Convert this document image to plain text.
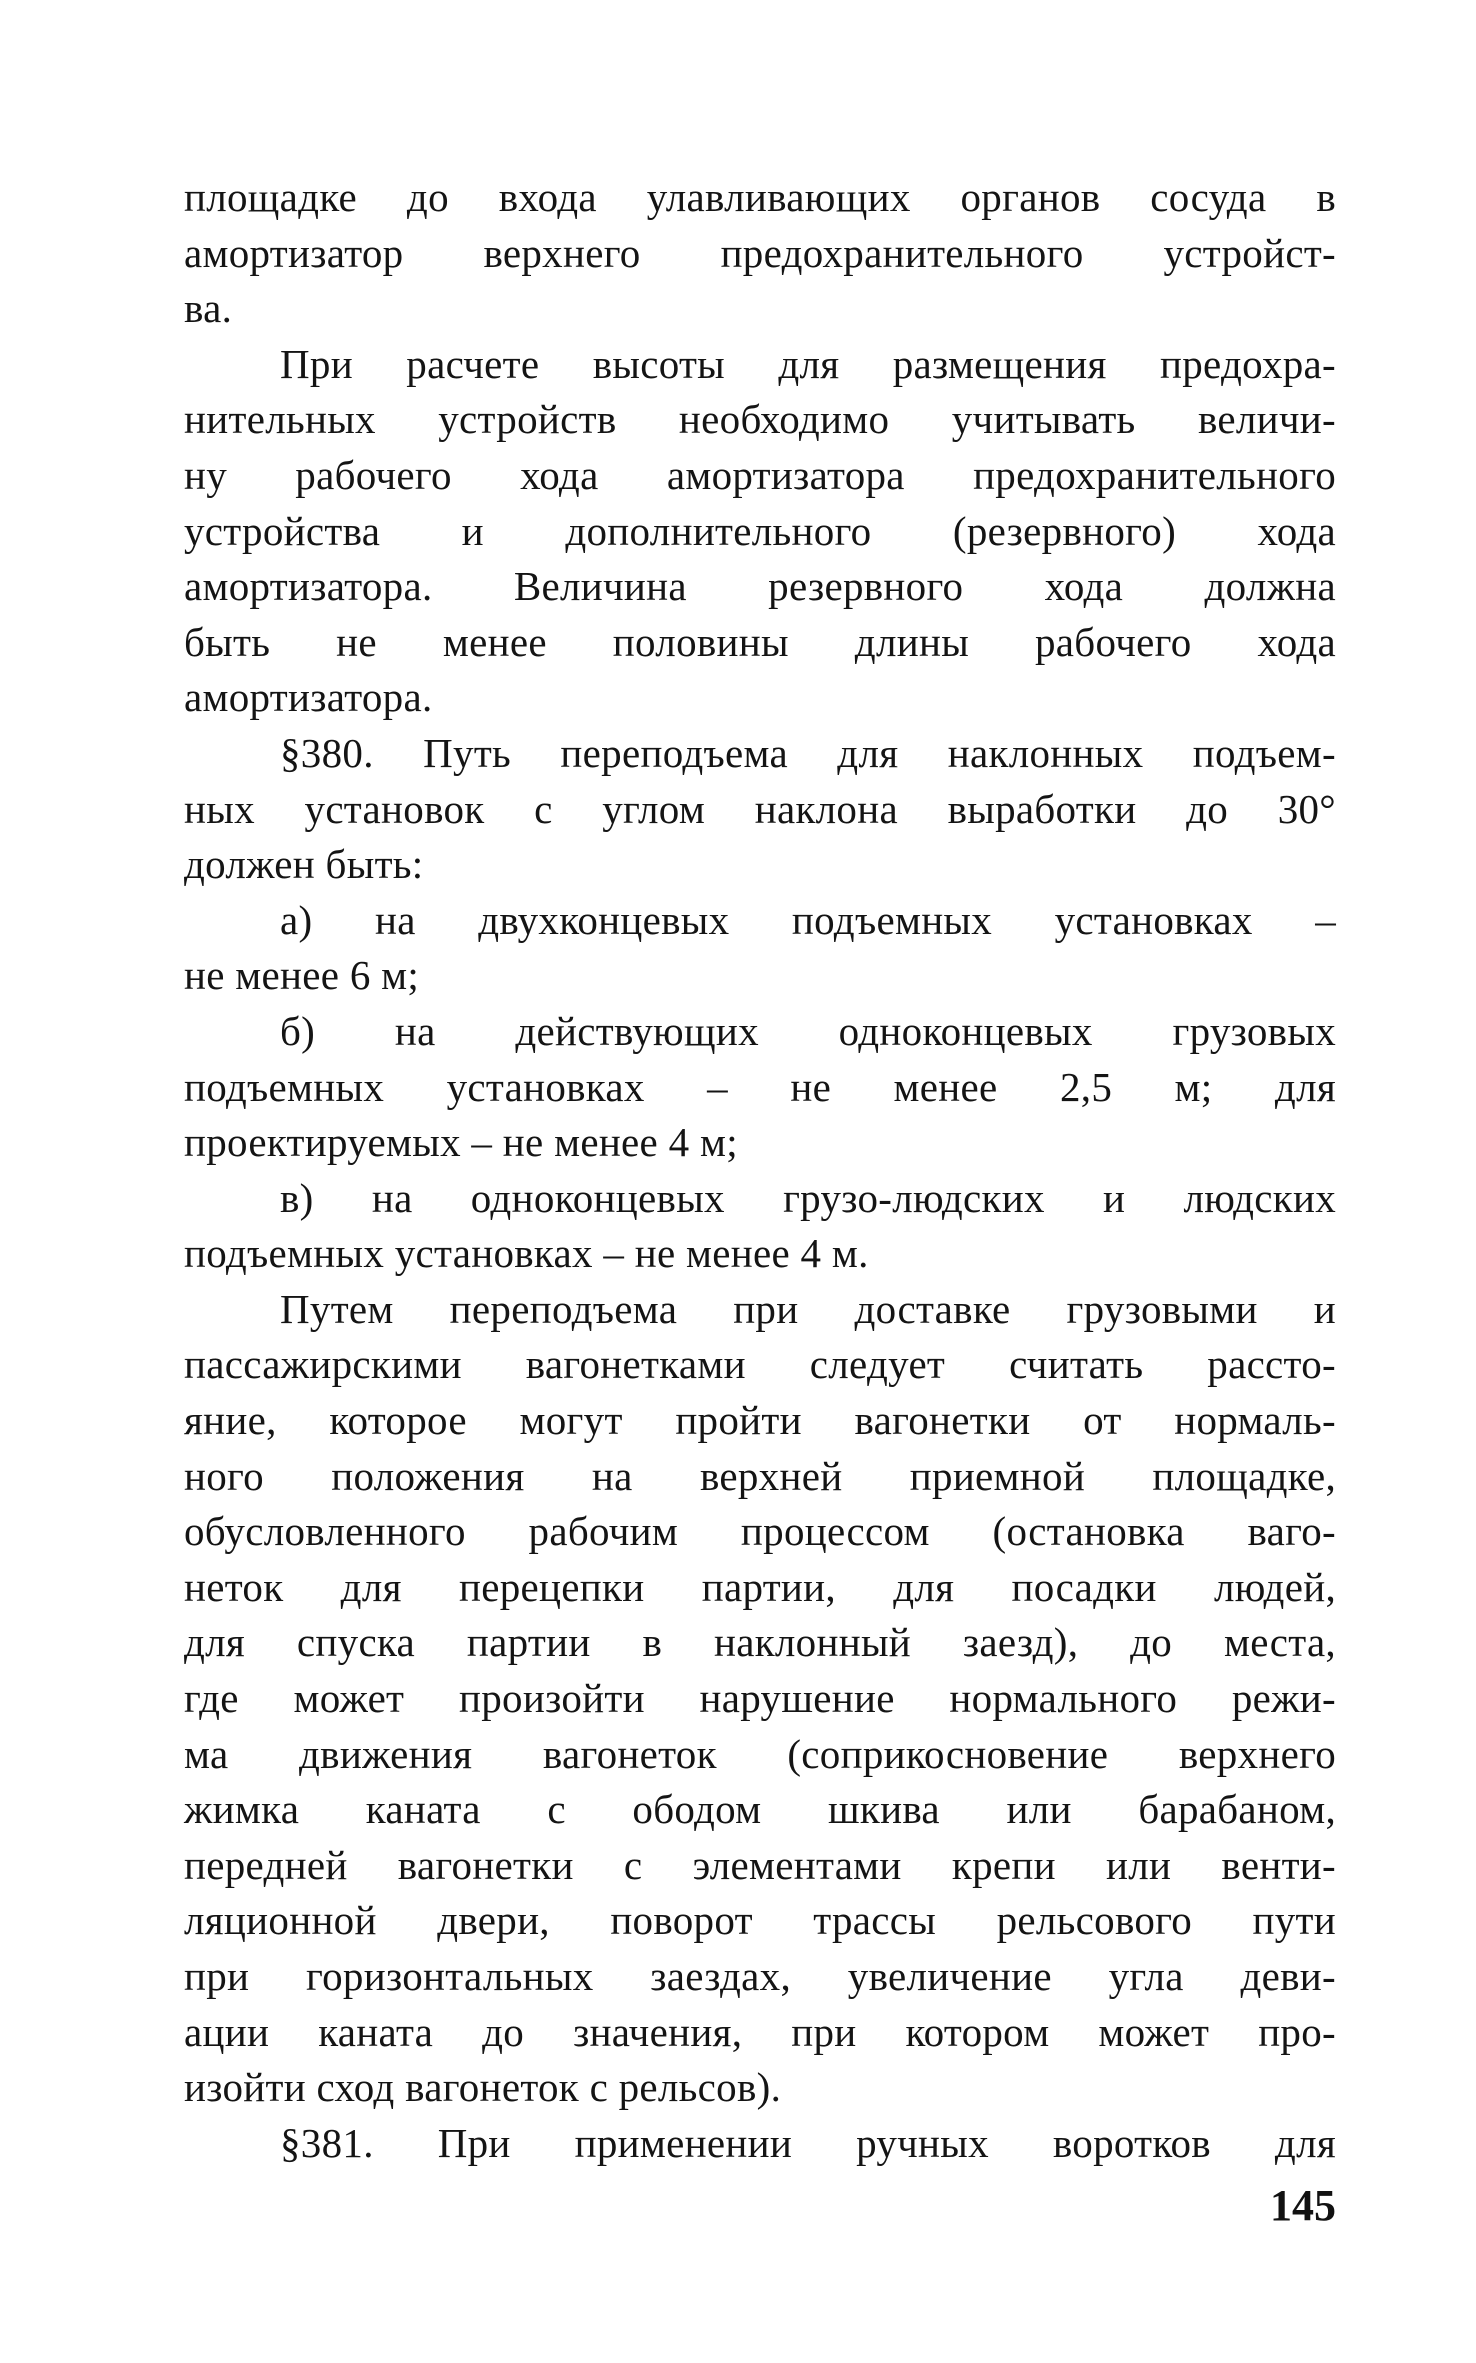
площадке до входа улавливающих органов сосуда в
амортизатор верхнего предохранительного устройст-
ва.
При расчете высоты для размещения предохра-
нительных устройств необходимо учитывать величи-
ну рабочего хода амортизатора предохранительного
устройства и дополнительного (резервного) хода
амортизатора. Величина резервного хода должна
быть не менее половины длины рабочего хода
амортизатора.
§380. Путь переподъема для наклонных подъем-
ных установок с углом наклона выработки до 30°
должен быть:
а) на двухконцевых подъемных установках –
не менее 6 м;
б) на действующих одноконцевых грузовых
подъемных установках – не менее 2,5 м; для
проектируемых – не менее 4 м;
в) на одноконцевых грузо-людских и людских
подъемных установках – не менее 4 м.
Путем переподъема при доставке грузовыми и
пассажирскими вагонетками следует считать рассто-
яние, которое могут пройти вагонетки от нормаль-
ного положения на верхней приемной площадке,
обусловленного рабочим процессом (остановка ваго-
неток для перецепки партии, для посадки людей,
для спуска партии в наклонный заезд), до места,
где может произойти нарушение нормального режи-
ма движения вагонеток (соприкосновение верхнего
жимка каната с ободом шкива или барабаном,
передней вагонетки с элементами крепи или венти-
ляционной двери, поворот трассы рельсового пути
при горизонтальных заездах, увеличение угла деви-
ации каната до значения, при котором может про-
изойти сход вагонеток с рельсов).
§381. При применении ручных воротков для
145
